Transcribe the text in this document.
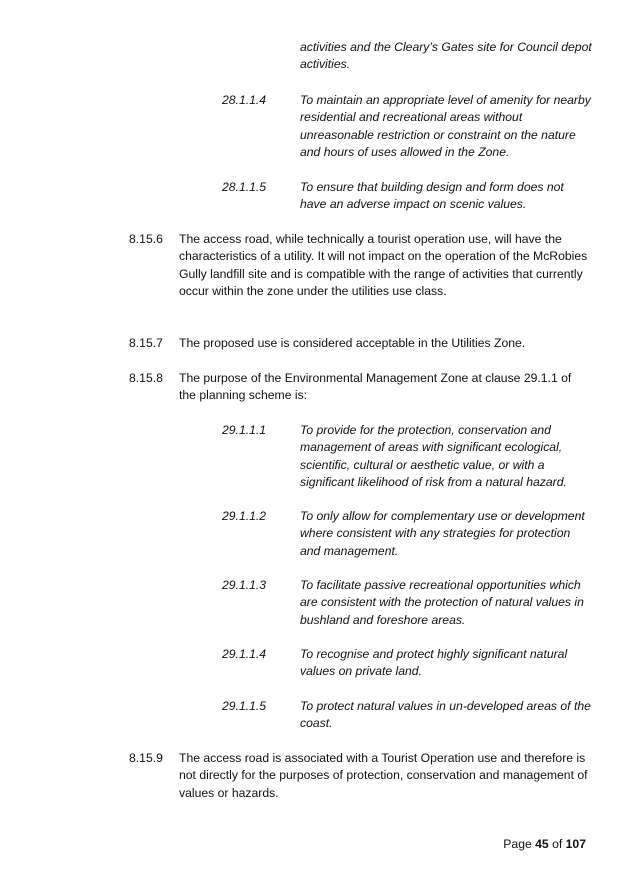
activities and the Cleary’s Gates site for Council depot activities.
28.1.1.4	To maintain an appropriate level of amenity for nearby residential and recreational areas without unreasonable restriction or constraint on the nature and hours of uses allowed in the Zone.
28.1.1.5	To ensure that building design and form does not have an adverse impact on scenic values.
8.15.6	The access road, while technically a tourist operation use, will have the characteristics of a utility. It will not impact on the operation of the McRobies Gully landfill site and is compatible with the range of activities that currently occur within the zone under the utilities use class.
8.15.7	The proposed use is considered acceptable in the Utilities Zone.
8.15.8	The purpose of the Environmental Management Zone at clause 29.1.1 of the planning scheme is:
29.1.1.1	To provide for the protection, conservation and management of areas with significant ecological, scientific, cultural or aesthetic value, or with a significant likelihood of risk from a natural hazard.
29.1.1.2	To only allow for complementary use or development where consistent with any strategies for protection and management.
29.1.1.3	To facilitate passive recreational opportunities which are consistent with the protection of natural values in bushland and foreshore areas.
29.1.1.4	To recognise and protect highly significant natural values on private land.
29.1.1.5	To protect natural values in un-developed areas of the coast.
8.15.9	The access road is associated with a Tourist Operation use and therefore is not directly for the purposes of protection, conservation and management of values or hazards.
Page 45 of 107
